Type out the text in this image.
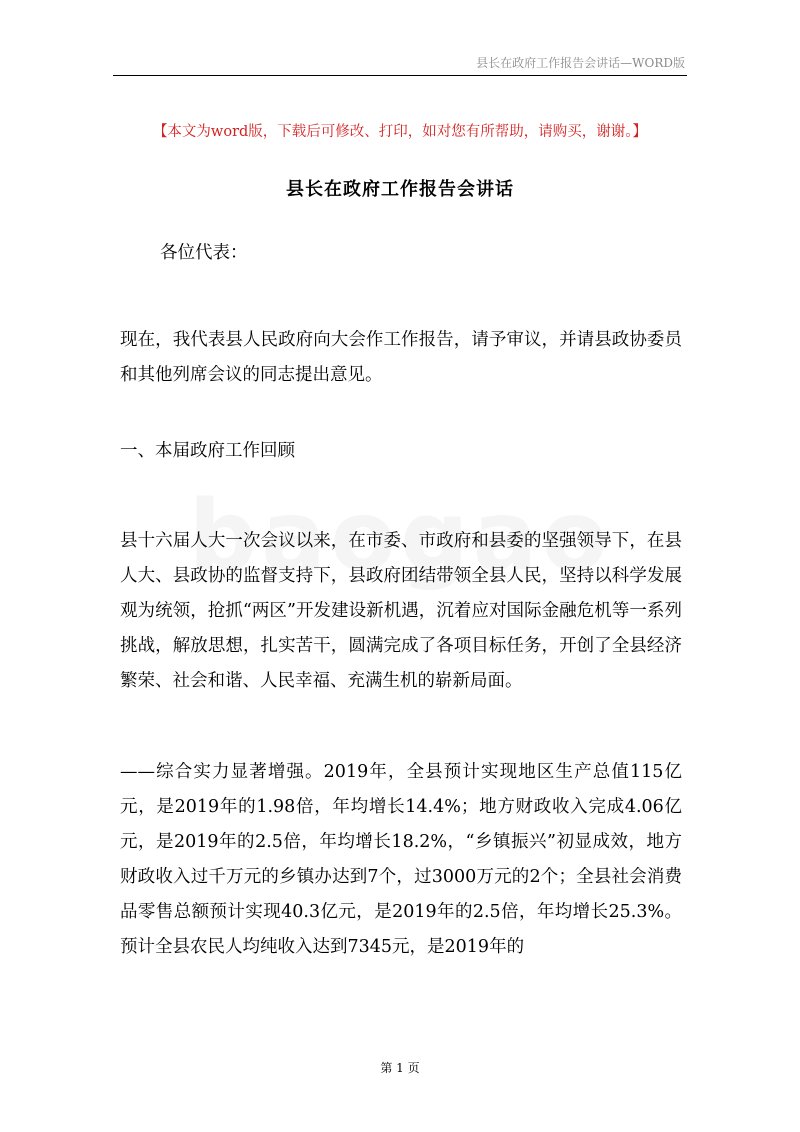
县长在政府工作报告会讲话—WORD版
【本文为word版，下载后可修改、打印，如对您有所帮助，请购买，谢谢。】
县长在政府工作报告会讲话

各位代表：

现在，我代表县人民政府向大会作工作报告，请予审议，并请县政协委员和其他列席会议的同志提出意见。

一、本届政府工作回顾

县十六届人大一次会议以来，在市委、市政府和县委的坚强领导下，在县人大、县政协的监督支持下，县政府团结带领全县人民，坚持以科学发展观为统领，抢抓“两区”开发建设新机遇，沉着应对国际金融危机等一系列挑战，解放思想，扎实苦干，圆满完成了各项目标任务，开创了全县经济繁荣、社会和谐、人民幸福、充满生机的崭新局面。

——综合实力显著增强。2019年，全县预计实现地区生产总值115亿元，是2019年的1.98倍，年均增长14.4%；地方财政收入完成4.06亿元，是2019年的2.5倍，年均增长18.2%，“乡镇振兴”初显成效，地方财政收入过千万元的乡镇办达到7个，过3000万元的2个；全县社会消费品零售总额预计实现40.3亿元，是2019年的2.5倍，年均增长25.3%。预计全县农民人均纯收入达到7345元，是2019年的

第 1 页
